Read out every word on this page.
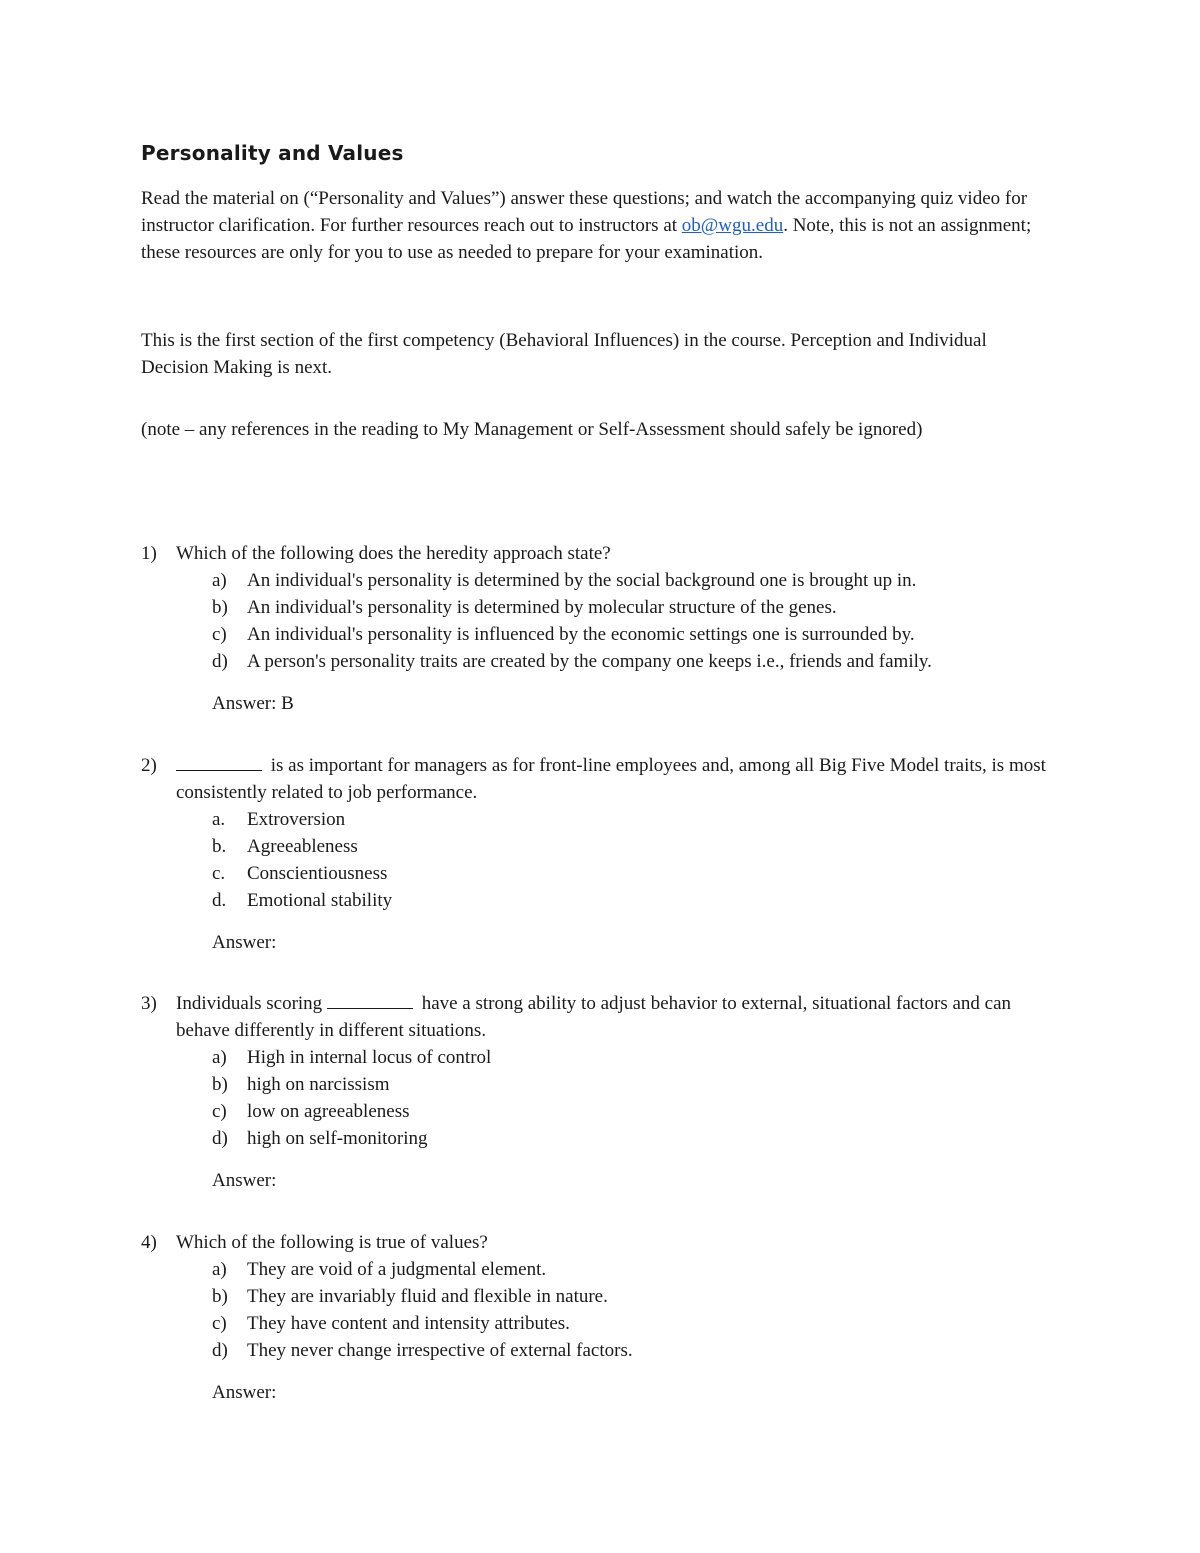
Personality and Values

Read the material on (“Personality and Values”) answer these questions; and watch the accompanying quiz video for instructor clarification. For further resources reach out to instructors at ob@wgu.edu. Note, this is not an assignment; these resources are only for you to use as needed to prepare for your examination.

This is the first section of the first competency (Behavioral Influences) in the course. Perception and Individual Decision Making is next.

(note – any references in the reading to My Management or Self-Assessment should safely be ignored)

1) Which of the following does the heredity approach state?
a) An individual's personality is determined by the social background one is brought up in.
b) An individual's personality is determined by molecular structure of the genes.
c) An individual's personality is influenced by the economic settings one is surrounded by.
d) A person's personality traits are created by the company one keeps i.e., friends and family.
Answer: B
2)	is as important for managers as for front-line employees and, among all Big Five Model traits, is most consistently related to job performance.
a. Extroversion
b. Agreeableness
c. Conscientiousness
d. Emotional stability
Answer:
3) Individuals scoring	have a strong ability to adjust behavior to external, situational factors and can behave differently in different situations.
a) High in internal locus of control
b) high on narcissism
c) low on agreeableness
d) high on self-monitoring
Answer:
4) Which of the following is true of values?
a) They are void of a judgmental element.
b) They are invariably fluid and flexible in nature.
c) They have content and intensity attributes.
d) They never change irrespective of external factors.
Answer:
